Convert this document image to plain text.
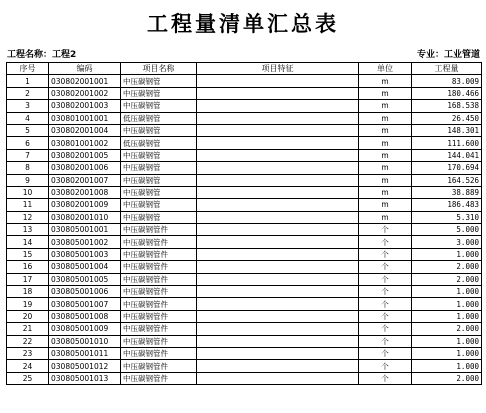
工程量清单汇总表
工程名称：工程2	专业：工业管道
序号	编码	项目名称	项目特征	单位	工程量
1	030802001001	中压碳钢管		m	83.009
2	030802001002	中压碳钢管		m	180.466
3	030802001003	中压碳钢管		m	168.538
4	030801001001	低压碳钢管		m	26.450
5	030802001004	中压碳钢管		m	148.301
6	030801001002	低压碳钢管		m	111.600
7	030802001005	中压碳钢管		m	144.041
8	030802001006	中压碳钢管		m	170.694
9	030802001007	中压碳钢管		m	164.526
10	030802001008	中压碳钢管		m	38.889
11	030802001009	中压碳钢管		m	186.483
12	030802001010	中压碳钢管		m	5.310
13	030805001001	中压碳钢管件		个	5.000
14	030805001002	中压碳钢管件		个	3.000
15	030805001003	中压碳钢管件		个	1.000
16	030805001004	中压碳钢管件		个	2.000
17	030805001005	中压碳钢管件		个	2.000
18	030805001006	中压碳钢管件		个	1.000
19	030805001007	中压碳钢管件		个	1.000
20	030805001008	中压碳钢管件		个	1.000
21	030805001009	中压碳钢管件		个	2.000
22	030805001010	中压碳钢管件		个	1.000
23	030805001011	中压碳钢管件		个	1.000
24	030805001012	中压碳钢管件		个	1.000
25	030805001013	中压碳钢管件		个	2.000
